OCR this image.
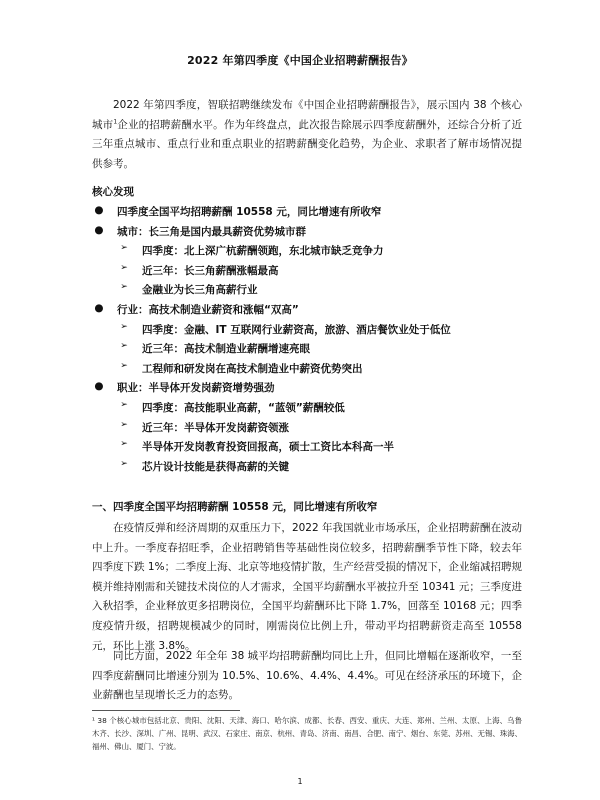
2022 年第四季度《中国企业招聘薪酬报告》

2022 年第四季度，智联招聘继续发布《中国企业招聘薪酬报告》，展示国内 38 个核心城市$^1$企业的招聘薪酬水平。作为年终盘点，此次报告除展示四季度薪酬外，还综合分析了近三年重点城市、重点行业和重点职业的招聘薪酬变化趋势，为企业、求职者了解市场情况提供参考。

核心发现
● 四季度全国平均招聘薪酬 10558 元，同比增速有所收窄
● 城市：长三角是国内最具薪资优势城市群
➢	四季度：北上深广杭薪酬领跑，东北城市缺乏竞争力
➢	近三年：长三角薪酬涨幅最高
➢	金融业为长三角高薪行业
● 行业：高技术制造业薪资和涨幅“双高”
➢	四季度：金融、IT 互联网行业薪资高，旅游、酒店餐饮业处于低位
➢	近三年：高技术制造业薪酬增速亮眼
➢	工程师和研发岗在高技术制造业中薪资优势突出
● 职业：半导体开发岗薪资增势强劲
➢	四季度：高技能职业高薪，“蓝领”薪酬较低
➢	近三年：半导体开发岗薪资领涨
➢	半导体开发岗教育投资回报高，硕士工资比本科高一半
➢	芯片设计技能是获得高薪的关键
一、四季度全国平均招聘薪酬 10558 元，同比增速有所收窄

在疫情反弹和经济周期的双重压力下，2022 年我国就业市场承压，企业招聘薪酬在波动中上升。一季度春招旺季，企业招聘销售等基础性岗位较多，招聘薪酬季节性下降，较去年四季度下跌 1%；二季度上海、北京等地疫情扩散，生产经营受损的情况下，企业缩减招聘规模并维持刚需和关键技术岗位的人才需求，全国平均薪酬水平被拉升至 10341 元；三季度进入秋招季，企业释放更多招聘岗位，全国平均薪酬环比下降 1.7%，回落至 10168 元；四季度疫情升级，招聘规模减少的同时，刚需岗位比例上升，带动平均招聘薪资走高至 10558 元，环比上涨 3.8%。

同比方面，2022 年全年 38 城平均招聘薪酬均同比上升，但同比增幅在逐渐收窄，一至四季度薪酬同比增速分别为 10.5%、10.6%、4.4%、4.4%。可见在经济承压的环境下，企业薪酬也呈现增长乏力的态势。

¹ 38 个核心城市包括北京、贵阳、沈阳、天津、海口、哈尔滨、成都、长春、西安、重庆、大连、郑州、兰州、太原、上海、乌鲁木齐、长沙、深圳、广州、昆明、武汉、石家庄、南京、杭州、青岛、济南、南昌、合肥、南宁、烟台、东莞、苏州、无锡、珠海、福州、佛山、厦门、宁波。

1
